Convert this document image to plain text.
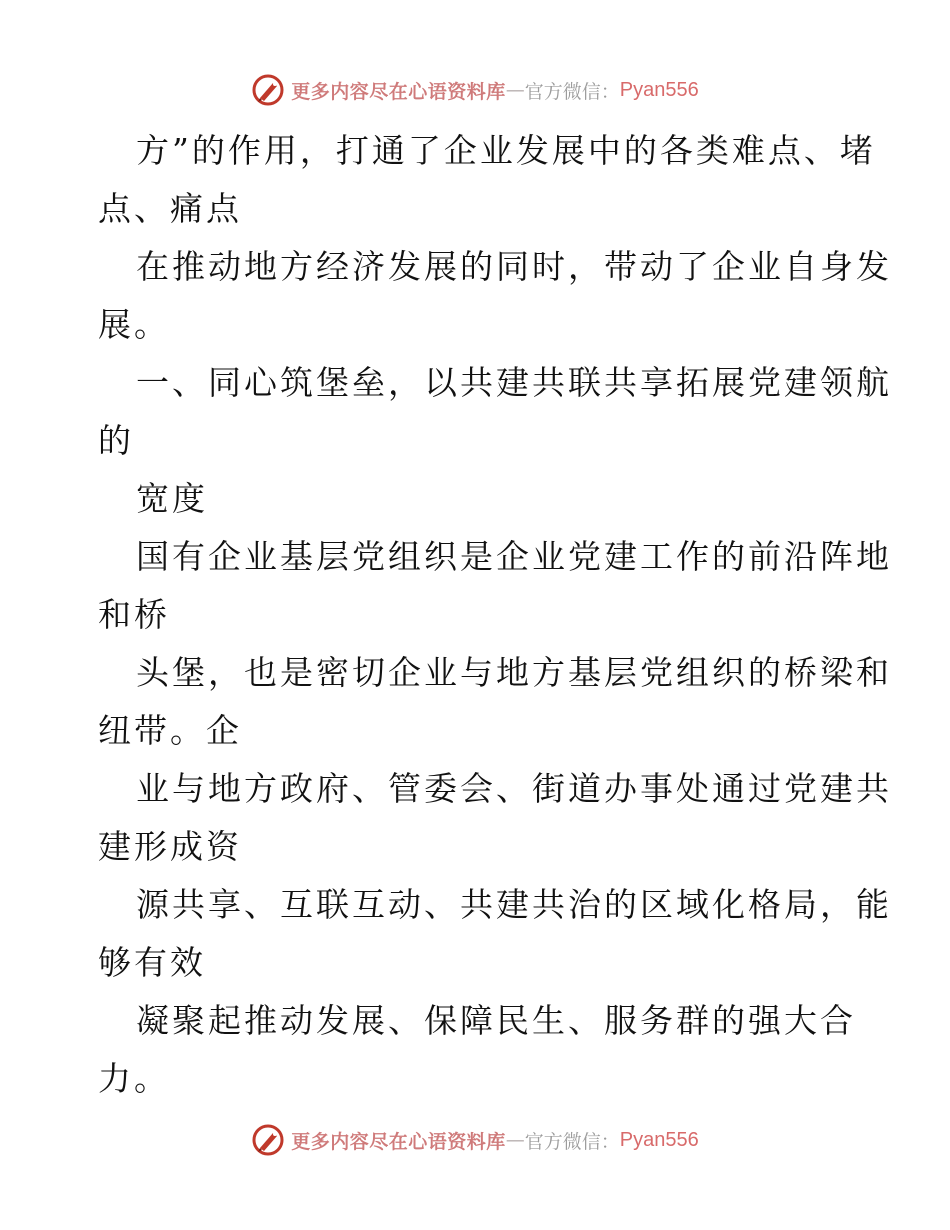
更多内容尽在心语资料库 — 官方微信： Pyan556
方”的作用，打通了企业发展中的各类难点、堵
点、痛点
在推动地方经济发展的同时，带动了企业自身发
展。
一、同心筑堡垒，以共建共联共享拓展党建领航
的
宽度
国有企业基层党组织是企业党建工作的前沿阵地
和桥
头堡，也是密切企业与地方基层党组织的桥梁和
纽带。企
业与地方政府、管委会、街道办事处通过党建共
建形成资
源共享、互联互动、共建共治的区域化格局，能
够有效
凝聚起推动发展、保障民生、服务群的强大合
力。
更多内容尽在心语资料库 — 官方微信： Pyan556
